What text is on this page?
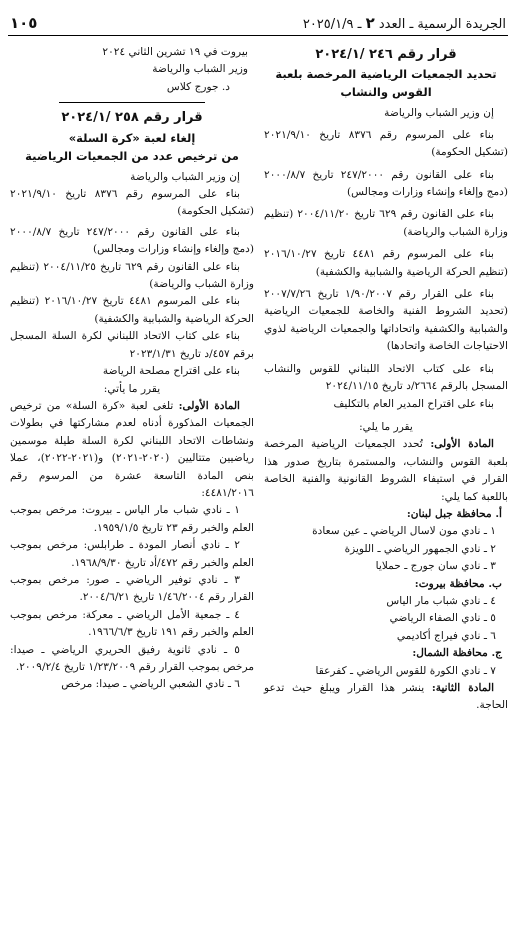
الجريدة الرسمية ـ العدد ٢ ـ ٢٠٢٥/١/٩
١٠٥
قرار رقم ٢٤٦ /٢٠٢٤/١
تحديد الجمعيات الرياضية المرخصة بلعبة القوس والنشاب

إن وزير الشباب والرياضة

بناء على المرسوم رقم ٨٣٧٦ تاريخ ٢٠٢١/٩/١٠ (تشكيل الحكومة)

بناء على القانون رقم ٢٤٧/٢٠٠٠ تاريخ ٢٠٠٠/٨/٧ (دمج وإلغاء وإنشاء وزارات ومجالس)

بناء على القانون رقم ٦٢٩ تاريخ ٢٠٠٤/١١/٢٠ (تنظيم وزارة الشباب والرياضة)

بناء على المرسوم رقم ٤٤٨١ تاريخ ٢٠١٦/١٠/٢٧ (تنظيم الحركة الرياضية والشبابية والكشفية)

بناء على القرار رقم ١/٩٠/٢٠٠٧ تاريخ ٢٠٠٧/٧/٢٦ (تحديد الشروط الفنية والخاصة للجمعيات الرياضية والشبابية والكشفية واتحاداتها والجمعيات الرياضية لذوي الاحتياجات الخاصة واتحادها)

بناء على كتاب الاتحاد اللبناني للقوس والنشاب المسجل بالرقم ٢٦٦٤/د تاريخ ٢٠٢٤/١١/١٥

بناء على اقتراح المدير العام بالتكليف

يقرر ما يلي:

المادة الأولى: تُحدد الجمعيات الرياضية المرخصة بلعبة القوس والنشاب، والمستمرة بتاريخ صدور هذا القرار في استيفاء الشروط القانونية والفنية الخاصة باللعبة كما يلي:

أ. محافظة جبل لبنان:
١ ـ نادي مون لاسال الرياضي ـ عين سعادة
٢ ـ نادي الجمهور الرياضي ـ اللويزة
٣ ـ نادي سان جورج ـ حملايا
ب. محافظة بيروت:
٤ ـ نادي شباب مار الياس
٥ ـ نادي الصفاء الرياضي
٦ ـ نادي فيراج أكاديمي
ج. محافظة الشمال:
٧ ـ نادي الكورة للقوس الرياضي ـ كفرعقا

المادة الثانية: ينشر هذا القرار ويبلغ حيث تدعو الحاجة.

بيروت في ١٩ تشرين الثاني ٢٠٢٤
وزير الشباب والرياضة
د. جورج كلاس
قرار رقم ٢٥٨ /٢٠٢٤/١
إلغاء لعبة «كرة السلة»
من ترخيص عدد من الجمعيات الرياضية

إن وزير الشباب والرياضة

بناء على المرسوم رقم ٨٣٧٦ تاريخ ٢٠٢١/٩/١٠ (تشكيل الحكومة)

بناء على القانون رقم ٢٤٧/٢٠٠٠ تاريخ ٢٠٠٠/٨/٧ (دمج وإلغاء وإنشاء وزارات ومجالس)

بناء على القانون رقم ٦٢٩ تاريخ ٢٠٠٤/١١/٢٥ (تنظيم وزارة الشباب والرياضة)

بناء على المرسوم ٤٤٨١ تاريخ ٢٠١٦/١٠/٢٧ (تنظيم الحركة الرياضية والشبابية والكشفية)

بناء على كتاب الاتحاد اللبناني لكرة السلة المسجل برقم ٤٥٧/د تاريخ ٢٠٢٣/١/٣١

بناء على اقتراح مصلحة الرياضة

يقرر ما يأتي:

المادة الأولى: تلغى لعبة «كرة السلة» من ترخيص الجمعيات المذكورة أدناه لعدم مشاركتها في بطولات ونشاطات الاتحاد اللبناني لكرة السلة طيلة موسمين رياضيين متتاليين (٢٠٢٠-٢٠٢١) و(٢٠٢١-٢٠٢٢)، عملا بنص المادة التاسعة عشرة من المرسوم رقم ٤٤٨١/٢٠١٦:

١ ـ نادي شباب مار الياس ـ بيروت: مرخص بموجب العلم والخبر رقم ٢٣ تاريخ ١٩٥٩/١/٥.

٢ ـ نادي أنصار المودة ـ طرابلس: مرخص بموجب العلم والخبر رقم ٤٧٢/أد تاريخ ١٩٦٨/٩/٣٠.

٣ ـ نادي توفير الرياضي ـ صور: مرخص بموجب القرار رقم ١/٤٦/٢٠٠٤ تاريخ ٢٠٠٤/٦/٢١.

٤ ـ جمعية الأمل الرياضي ـ معركة: مرخص بموجب العلم والخبر رقم ١٩١ تاريخ ١٩٦٦/٦/٣.

٥ ـ نادي ثانوية رفيق الحريري الرياضي ـ صيدا: مرخص بموجب القرار رقم ١/٢٣/٢٠٠٩ تاريخ ٢٠٠٩/٢/٤.

٦ ـ نادي الشعبي الرياضي ـ صيدا: مرخص
